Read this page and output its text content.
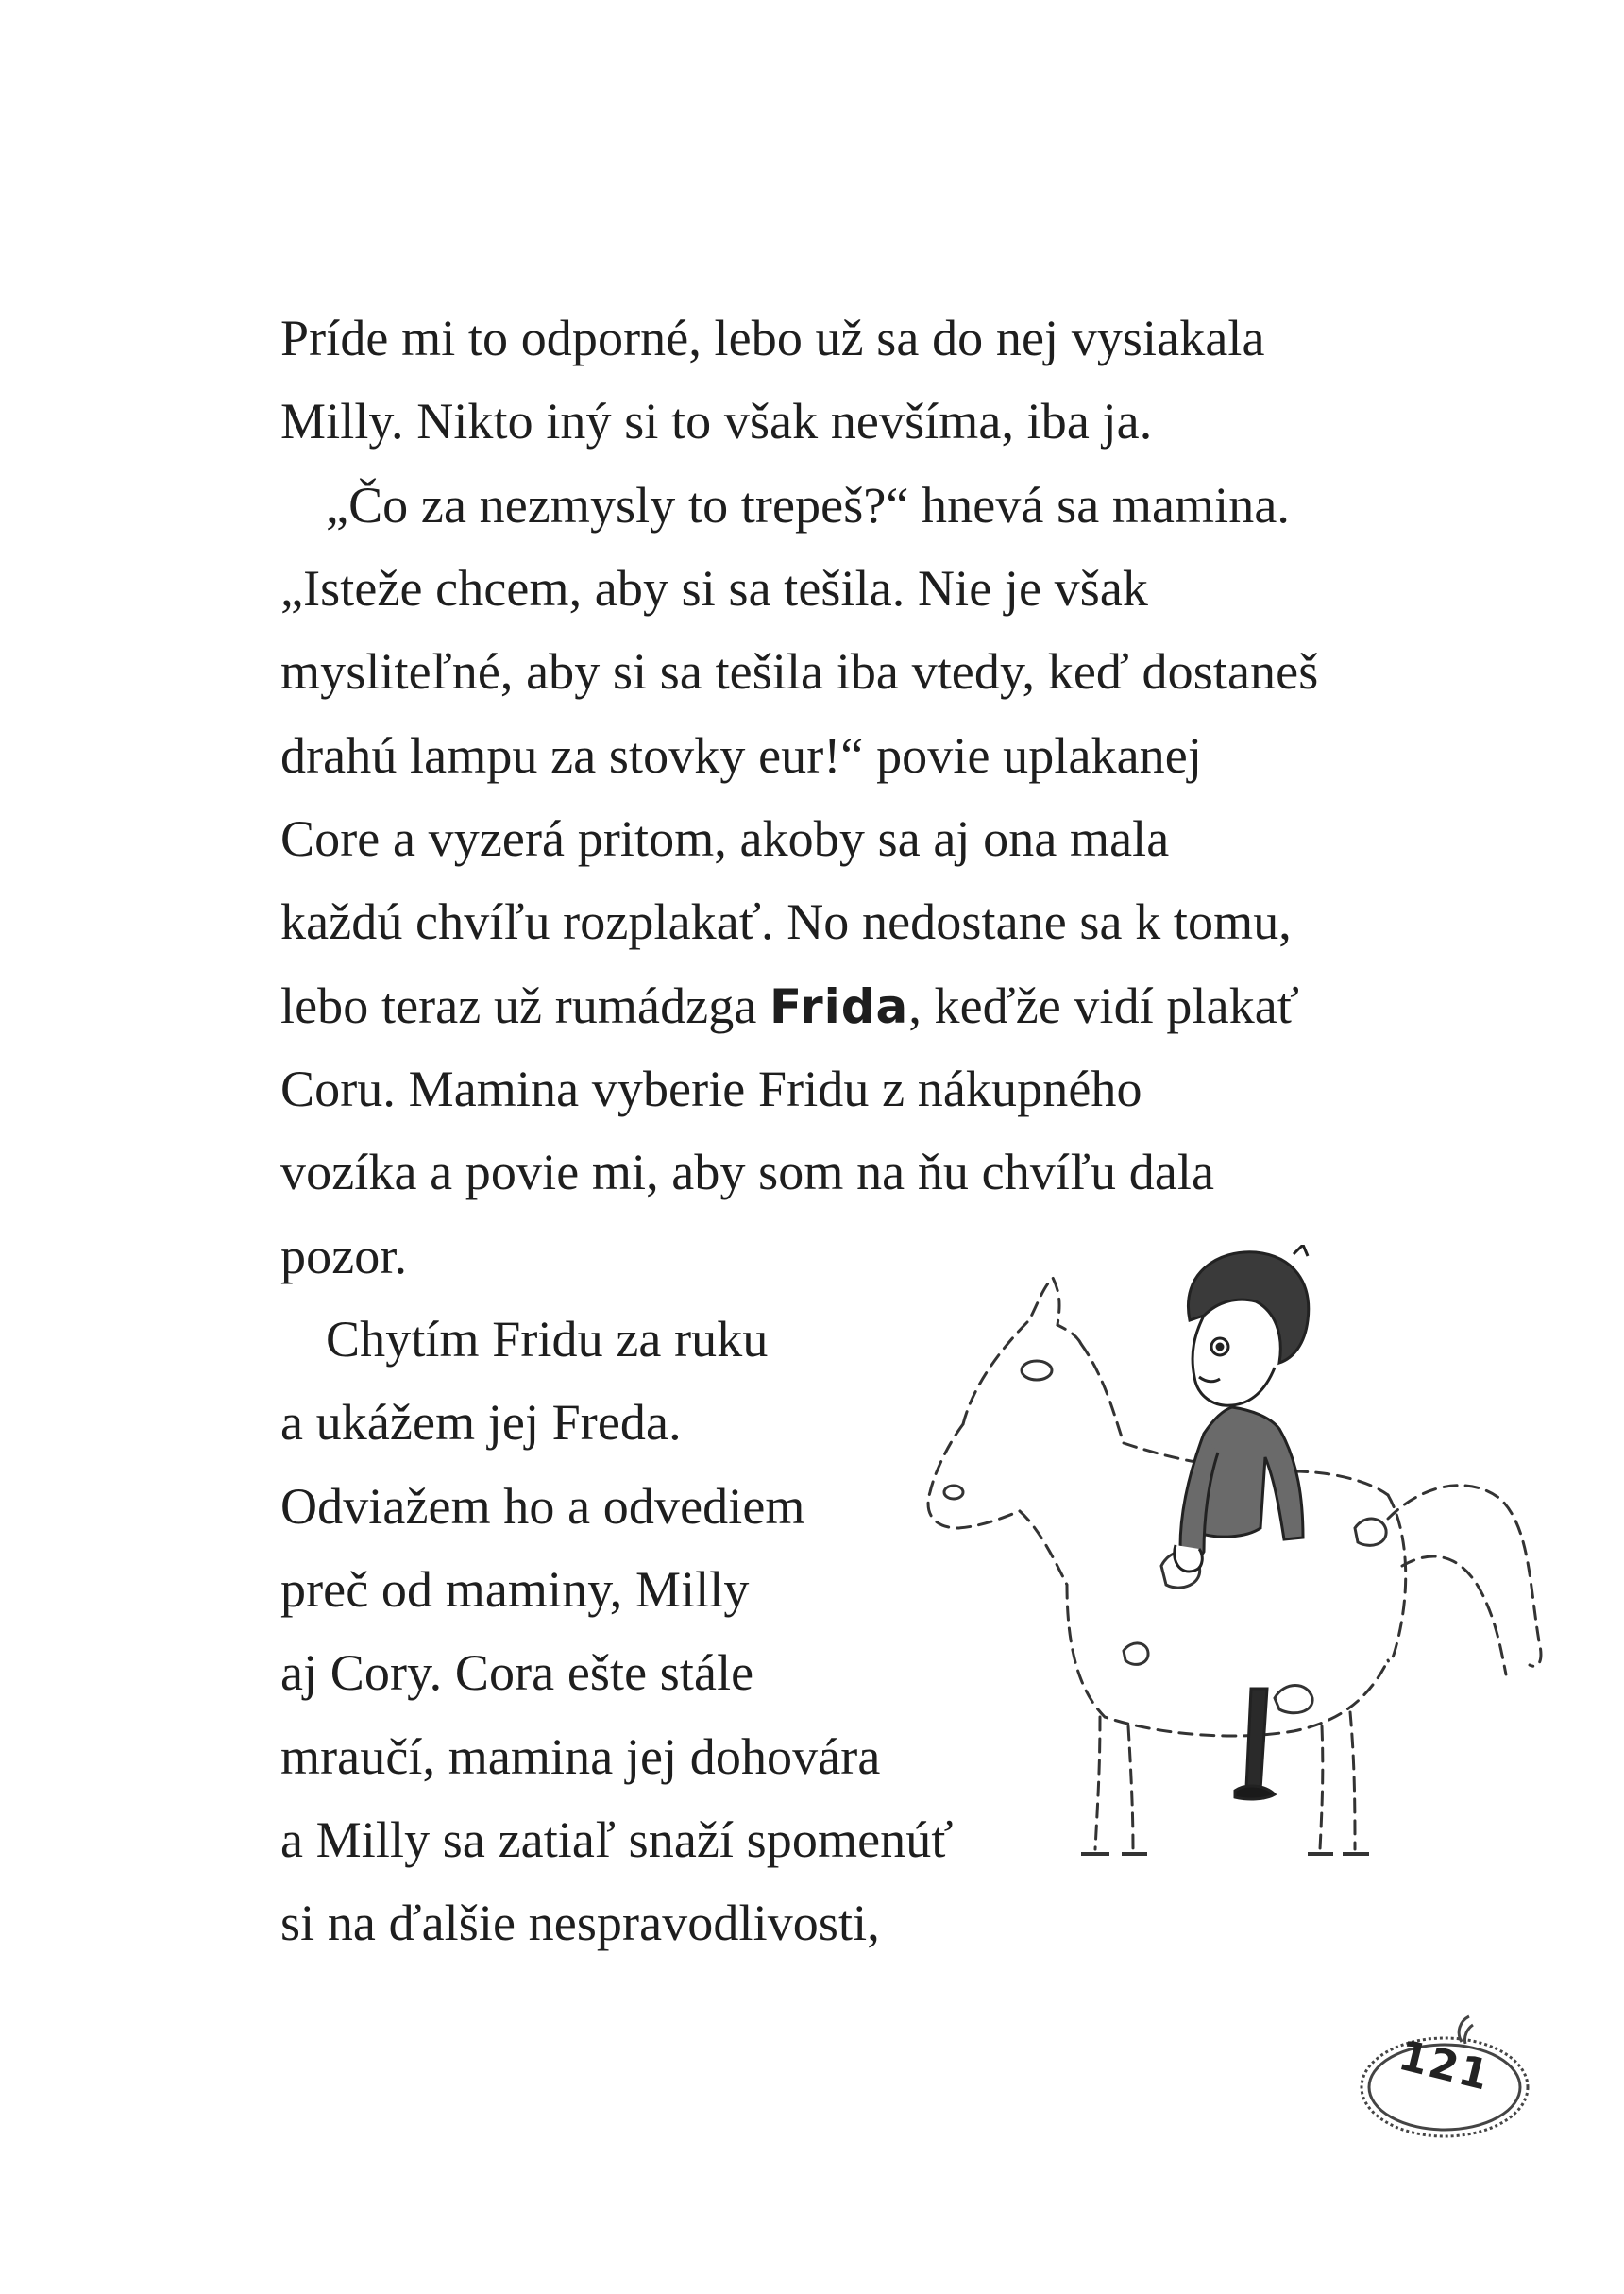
Príde mi to odporné, lebo už sa do nej vysiakala
Milly. Nikto iný si to však nevšíma, iba ja.
„Čo za nezmysly to trepeš?“ hnevá sa mamina.
„Isteže chcem, aby si sa tešila. Nie je však
mysliteľné, aby si sa tešila iba vtedy, keď dostaneš
drahú lampu za stovky eur!“ povie uplakanej
Core a vyzerá pritom, akoby sa aj ona mala
každú chvíľu rozplakať. No nedostane sa k tomu,
lebo teraz už rumádzga Frida, keďže vidí plakať
Coru. Mamina vyberie Fridu z nákupného
vozíka a povie mi, aby som na ňu chvíľu dala
pozor.
Chytím Fridu za ruku
a ukážem jej Freda.
Odviažem ho a odvediem
preč od maminy, Milly
aj Cory. Cora ešte stále
mraučí, mamina jej dohovára
a Milly sa zatiaľ snaží spomenúť
si na ďalšie nespravodlivosti,
121
